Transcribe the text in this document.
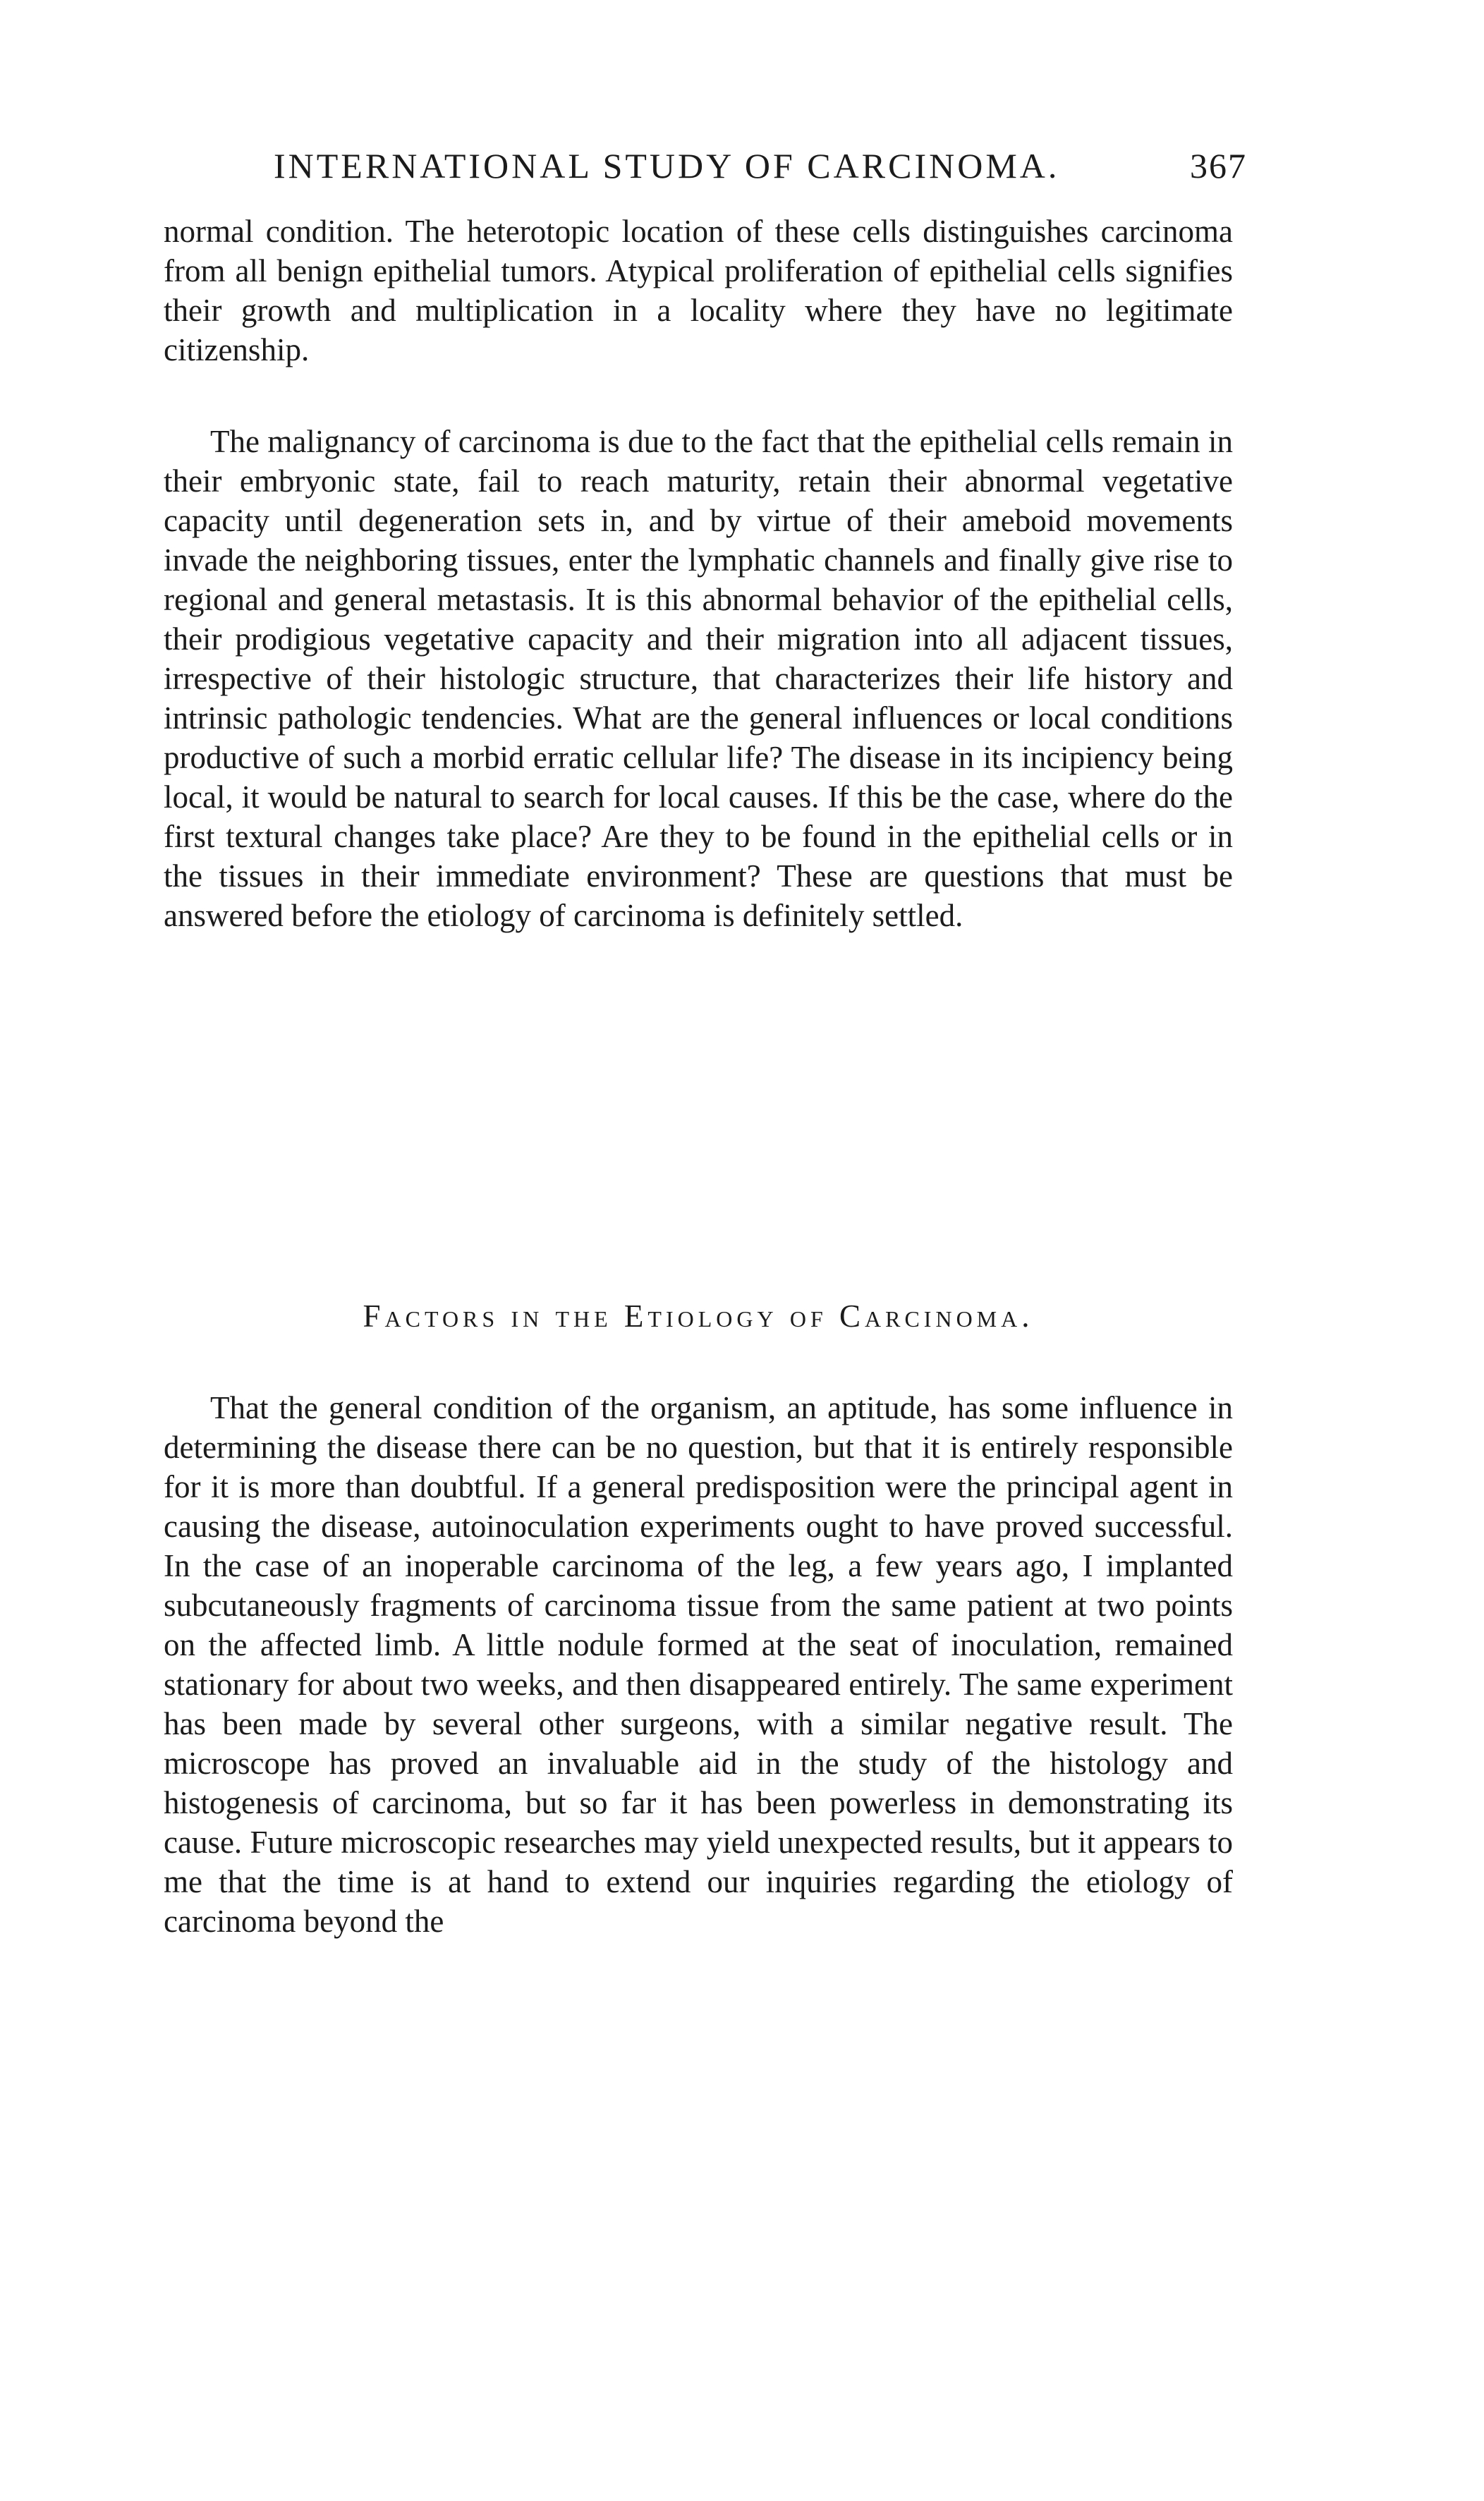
INTERNATIONAL STUDY OF CARCINOMA.	367

normal condition. The heterotopic location of these cells distinguishes carcinoma from all benign epithelial tumors. Atypical proliferation of epithelial cells signifies their growth and multiplication in a locality where they have no legitimate citizenship.

The malignancy of carcinoma is due to the fact that the epithelial cells remain in their embryonic state, fail to reach maturity, retain their abnormal vegetative capacity until degeneration sets in, and by virtue of their ameboid movements invade the neighboring tissues, enter the lymphatic channels and finally give rise to regional and general metastasis. It is this abnormal behavior of the epithelial cells, their prodigious vegetative capacity and their migration into all adjacent tissues, irrespective of their histologic structure, that characterizes their life history and intrinsic pathologic tendencies. What are the general influences or local conditions productive of such a morbid erratic cellular life? The disease in its incipiency being local, it would be natural to search for local causes. If this be the case, where do the first textural changes take place? Are they to be found in the epithelial cells or in the tissues in their immediate environment? These are questions that must be answered before the etiology of carcinoma is definitely settled.

Factors in the Etiology of Carcinoma.

That the general condition of the organism, an aptitude, has some influence in determining the disease there can be no question, but that it is entirely responsible for it is more than doubtful. If a general predisposition were the principal agent in causing the disease, autoinoculation experiments ought to have proved successful. In the case of an inoperable carcinoma of the leg, a few years ago, I implanted subcutaneously fragments of carcinoma tissue from the same patient at two points on the affected limb. A little nodule formed at the seat of inoculation, remained stationary for about two weeks, and then disappeared entirely. The same experiment has been made by several other surgeons, with a similar negative result. The microscope has proved an invaluable aid in the study of the histology and histogenesis of carcinoma, but so far it has been powerless in demonstrating its cause. Future microscopic researches may yield unexpected results, but it appears to me that the time is at hand to extend our inquiries regarding the etiology of carcinoma beyond the
